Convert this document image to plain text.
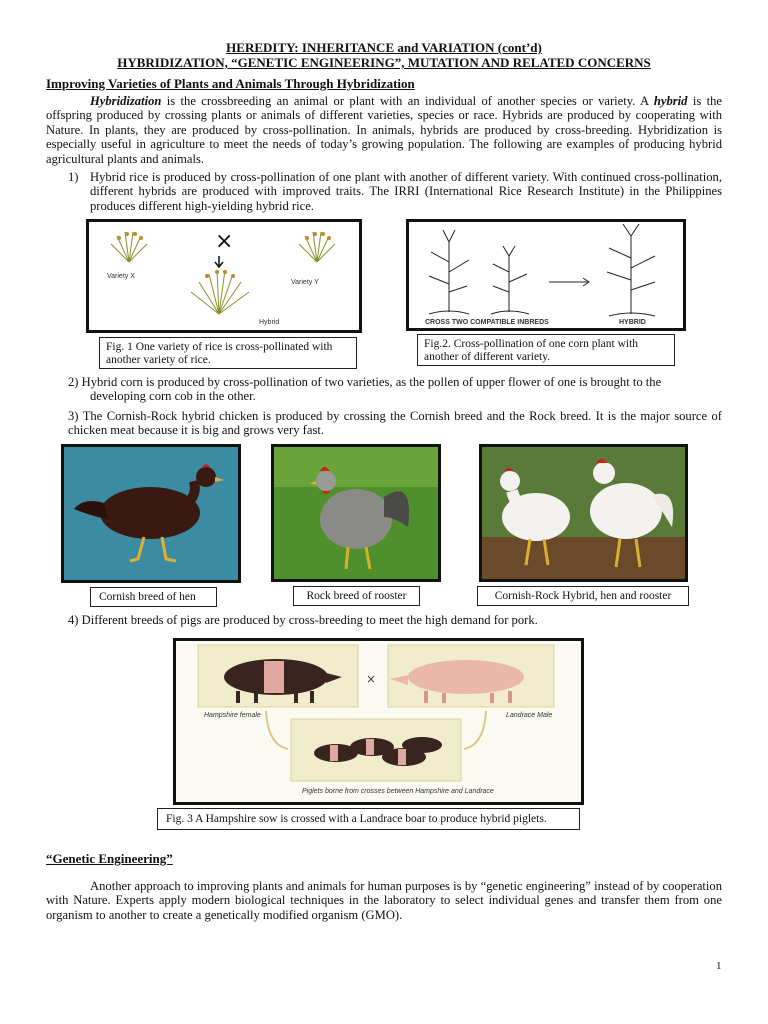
HEREDITY: INHERITANCE and VARIATION (cont’d)
HYBRIDIZATION, “GENETIC ENGINEERING”, MUTATION AND RELATED CONCERNS
Improving Varieties of Plants and Animals Through Hybridization
Hybridization is the crossbreeding an animal or plant with an individual of another species or variety. A hybrid is the offspring produced by crossing plants or animals of different varieties, species or race. Hybrids are produced by cooperating with Nature. In plants, they are produced by cross-pollination. In animals, hybrids are produced by cross-breeding. Hybridization is especially useful in agriculture to meet the needs of today’s growing population. The following are examples of producing hybrid agricultural plants and animals.
1) Hybrid rice is produced by cross-pollination of one plant with another of different variety. With continued cross-pollination, different hybrids are produced with improved traits. The IRRI (International Rice Research Institute) in the Philippines produces different high-yielding hybrid rice.
×
Variety X
Variety Y
Hybrid	CROSS TWO COMPATIBLE INBREDS	HYBRID
Fig. 1 One variety of rice is cross-pollinated with another variety of rice.
Fig.2. Cross-pollination of one corn plant with another of different variety.
2) Hybrid corn is produced by cross-pollination of two varieties, as the pollen of upper flower of one is brought to the
developing corn cob in the other.
3) The Cornish-Rock hybrid chicken is produced by crossing the Cornish breed and the Rock breed. It is the major source of chicken meat because it is big and grows very fast.
Cornish breed of hen	Rock breed of rooster	Cornish-Rock Hybrid, hen and rooster
4) Different breeds of pigs are produced by cross-breeding to meet the high demand for pork.
×
Hampshire female	Landrace Male
Piglets borne from crosses between Hampshire and Landrace
Fig. 3 A Hampshire sow is crossed with a Landrace boar to produce hybrid piglets.
“Genetic Engineering”
Another approach to improving plants and animals for human purposes is by “genetic engineering” instead of by cooperation with Nature. Experts apply modern biological techniques in the laboratory to select individual genes and transfer them from one organism to another to create a genetically modified organism (GMO).
1
